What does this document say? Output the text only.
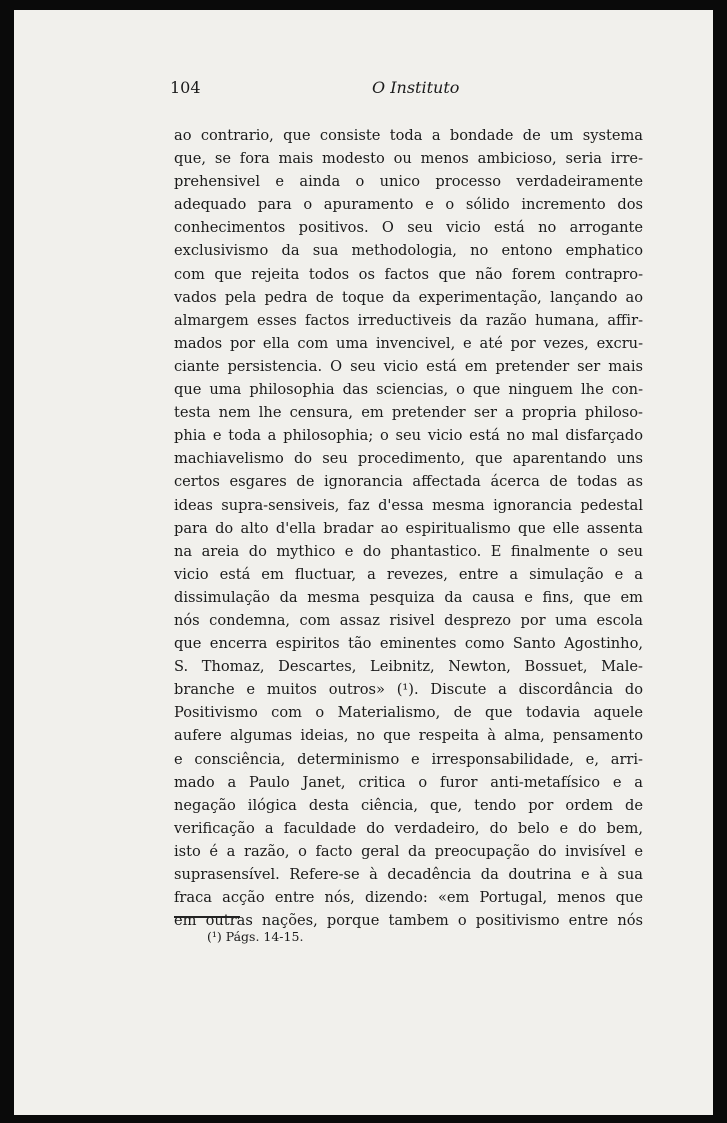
104	O Instituto
ao contrario, que consiste toda a bondade de um systema
que, se fora mais modesto ou menos ambicioso, seria irre-
prehensivel e ainda o unico processo verdadeiramente
adequado para o apuramento e o sólido incremento dos
conhecimentos positivos. O seu vicio está no arrogante
exclusivismo da sua methodologia, no entono emphatico
com que rejeita todos os factos que não forem contrapro-
vados pela pedra de toque da experimentação, lançando ao
almargem esses factos irreductiveis da razão humana, affir-
mados por ella com uma invencivel, e até por vezes, excru-
ciante persistencia. O seu vicio está em pretender ser mais
que uma philosophia das sciencias, o que ninguem lhe con-
testa nem lhe censura, em pretender ser a propria philoso-
phia e toda a philosophia; o seu vicio está no mal disfarçado
machiavelismo do seu procedimento, que aparentando uns
certos esgares de ignorancia affectada ácerca de todas as
ideas supra-sensiveis, faz d'essa mesma ignorancia pedestal
para do alto d'ella bradar ao espiritualismo que elle assenta
na areia do mythico e do phantastico. E finalmente o seu
vicio está em fluctuar, a revezes, entre a simulação e a
dissimulação da mesma pesquiza da causa e fins, que em
nós condemna, com assaz risivel desprezo por uma escola
que encerra espiritos tão eminentes como Santo Agostinho,
S. Thomaz, Descartes, Leibnitz, Newton, Bossuet, Male-
branche e muitos outros» (¹). Discute a discordância do
Positivismo com o Materialismo, de que todavia aquele
aufere algumas ideias, no que respeita à alma, pensamento
e consciência, determinismo e irresponsabilidade, e, arri-
mado a Paulo Janet, critica o furor anti-metafísico e a
negação ilógica desta ciência, que, tendo por ordem de
verificação a faculdade do verdadeiro, do belo e do bem,
isto é a razão, o facto geral da preocupação do invisível e
suprasensível. Refere-se à decadência da doutrina e à sua
fraca acção entre nós, dizendo: «em Portugal, menos que
em outras nações, porque tambem o positivismo entre nós
(¹) Págs. 14-15.
